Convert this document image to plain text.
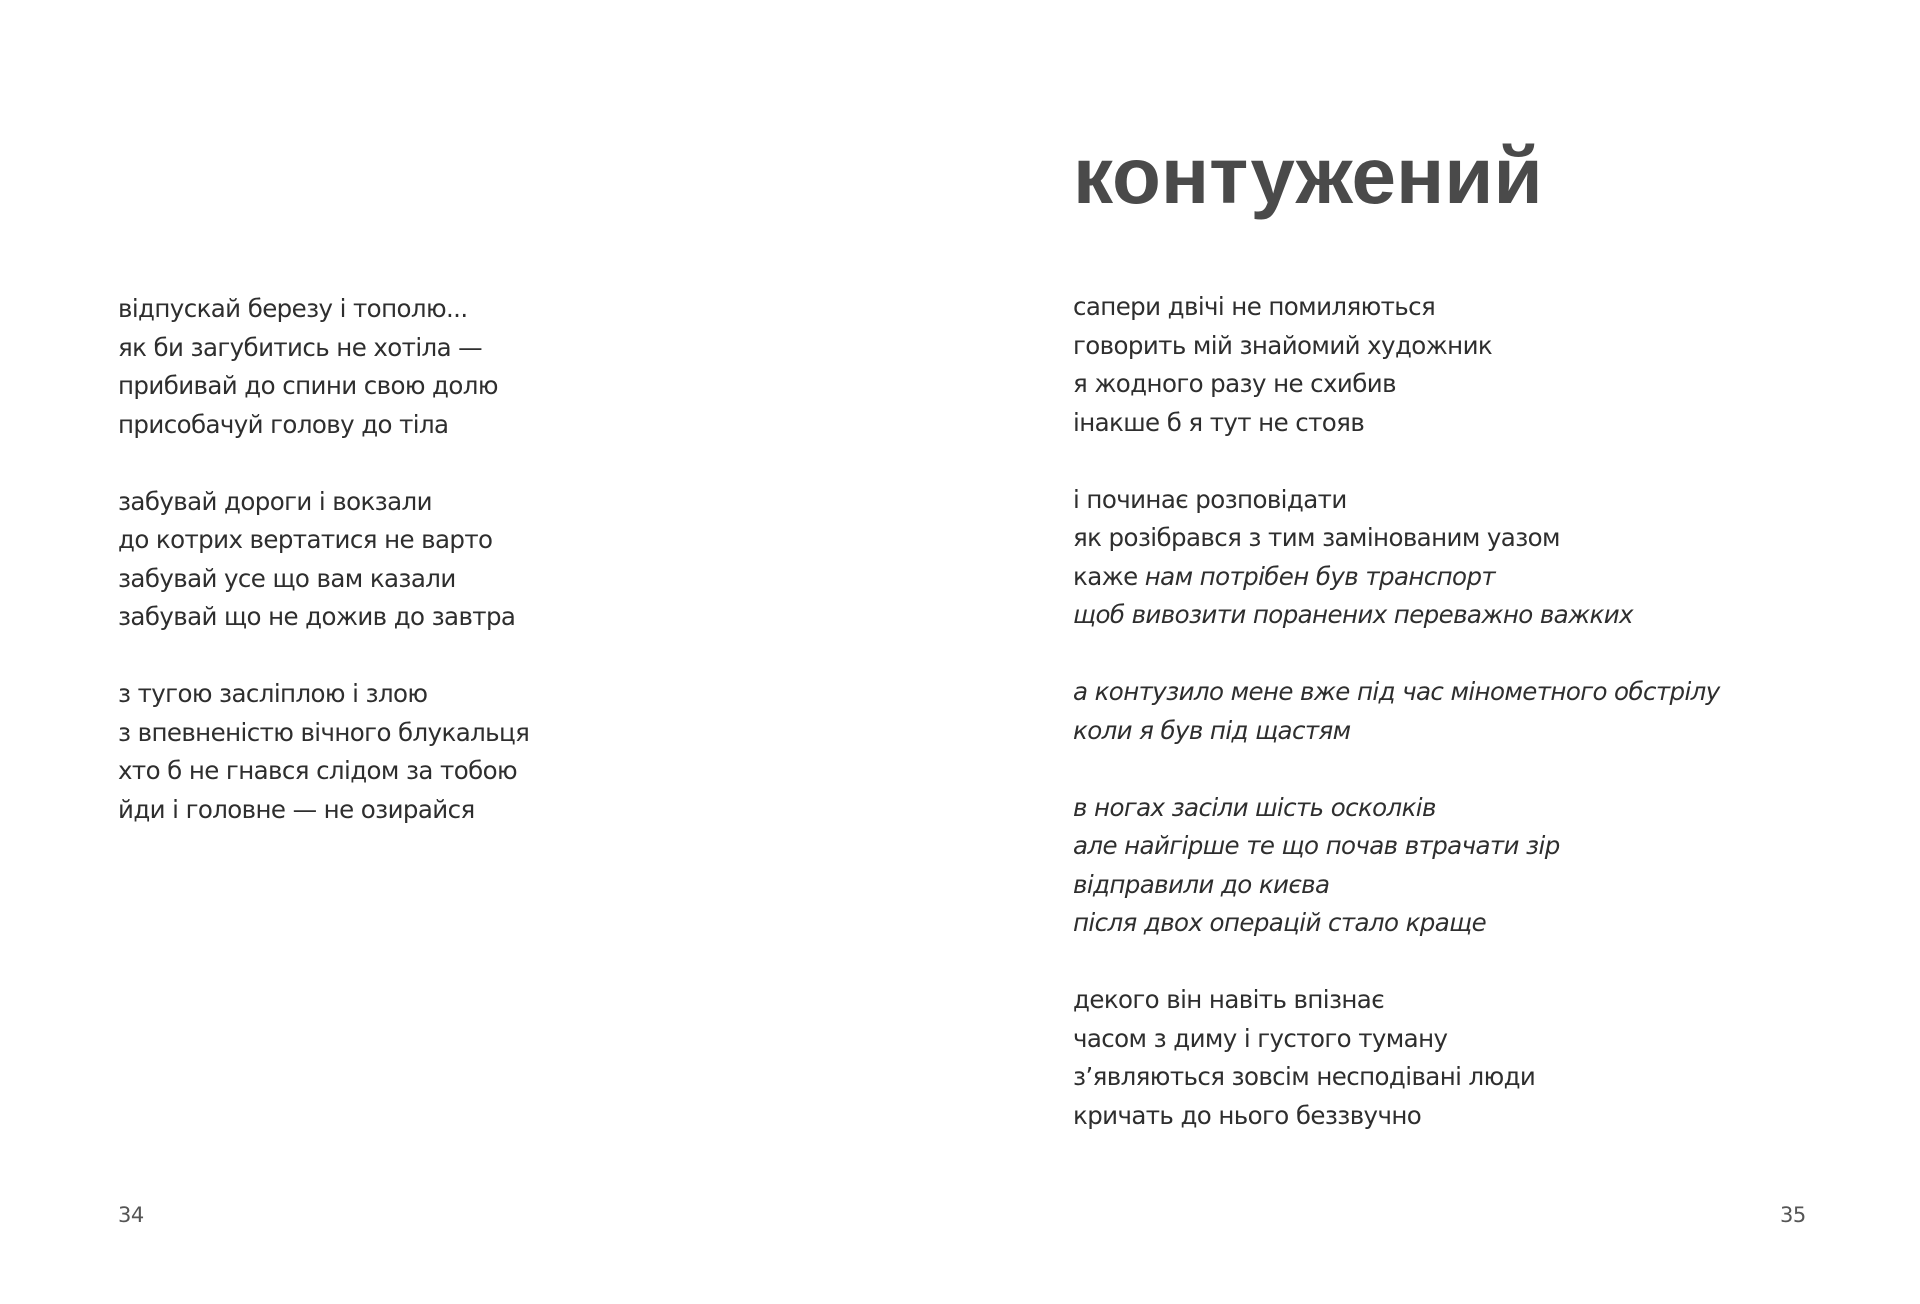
відпускай березу і тополю...
як би загубитись не хотіла —
прибивай до спини свою долю
присобачуй голову до тіла
забувай дороги і вокзали
до котрих вертатися не варто
забувай усе що вам казали
забувай що не дожив до завтра
з тугою засліплою і злою
з впевненістю вічного блукальця
хто б не гнався слідом за тобою
йди і головне — не озирайся
34
контужений
сапери двічі не помиляються
говорить мій знайомий художник
я жодного разу не схибив
інакше б я тут не стояв
і починає розповідати
як розібрався з тим замінованим уазом
каже нам потрібен був транспорт
щоб вивозити поранених переважно важких
а контузило мене вже під час мінометного обстрілу
коли я був під щастям
в ногах засіли шість осколків
але найгірше те що почав втрачати зір
відправили до києва
після двох операцій стало краще
декого він навіть впізнає
часом з диму і густого туману
з’являються зовсім несподівані люди
кричать до нього беззвучно
35
